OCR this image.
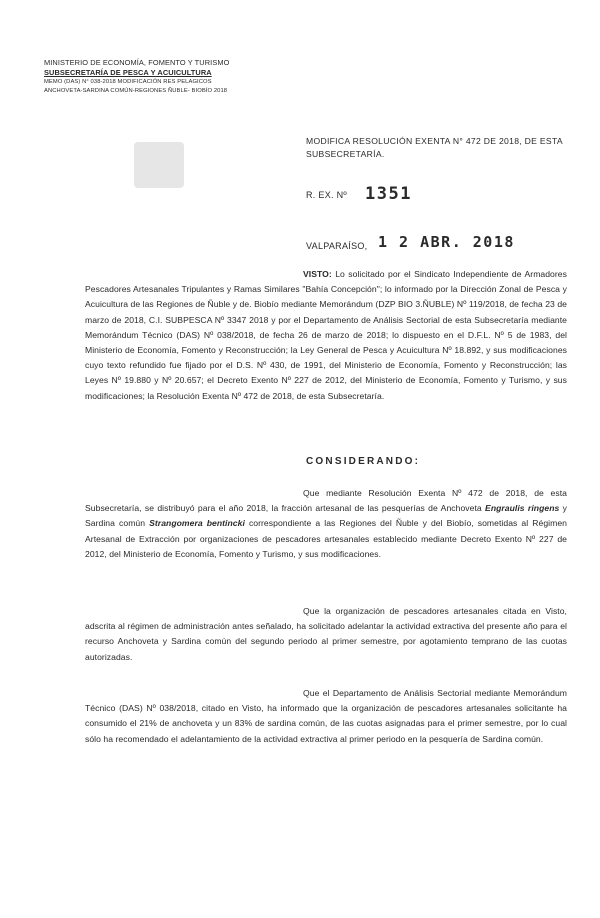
MINISTERIO DE ECONOMÍA, FOMENTO Y TURISMO
SUBSECRETARÍA DE PESCA Y ACUICULTURA
MEMO (DAS) N° 038-2018 MODIFICACIÓN RES PELAGICOS
ANCHOVETA-SARDINA COMÚN-REGIONES ÑUBLE- BIOBÍO 2018
MODIFICA RESOLUCIÓN EXENTA N° 472 DE 2018, DE ESTA SUBSECRETARÍA.
R. EX. Nº 1351
VALPARAÍSO, 1 2 ABR. 2018
VISTO: Lo solicitado por el Sindicato Independiente de Armadores Pescadores Artesanales Tripulantes y Ramas Similares "Bahía Concepción"; lo informado por la Dirección Zonal de Pesca y Acuicultura de las Regiones de Ñuble y de. Biobío mediante Memorándum (DZP BIO 3.ÑUBLE) Nº 119/2018, de fecha 23 de marzo de 2018, C.I. SUBPESCA Nº 3347 2018 y por el Departamento de Análisis Sectorial de esta Subsecretaría mediante Memorándum Técnico (DAS) Nº 038/2018, de fecha 26 de marzo de 2018; lo dispuesto en el D.F.L. Nº 5 de 1983, del Ministerio de Economía, Fomento y Reconstrucción; la Ley General de Pesca y Acuicultura Nº 18.892, y sus modificaciones cuyo texto refundido fue fijado por el D.S. Nº 430, de 1991, del Ministerio de Economía, Fomento y Reconstrucción; las Leyes Nº 19.880 y Nº 20.657; el Decreto Exento Nº 227 de 2012, del Ministerio de Economía, Fomento y Turismo, y sus modificaciones; la Resolución Exenta Nº 472 de 2018, de esta Subsecretaría.
CONSIDERANDO:
Que mediante Resolución Exenta Nº 472 de 2018, de esta Subsecretaría, se distribuyó para el año 2018, la fracción artesanal de las pesquerías de Anchoveta Engraulis ringens y Sardina común Strangomera bentincki correspondiente a las Regiones del Ñuble y del Biobío, sometidas al Régimen Artesanal de Extracción por organizaciones de pescadores artesanales establecido mediante Decreto Exento Nº 227 de 2012, del Ministerio de Economía, Fomento y Turismo, y sus modificaciones.
Que la organización de pescadores artesanales citada en Visto, adscrita al régimen de administración antes señalado, ha solicitado adelantar la actividad extractiva del presente año para el recurso Anchoveta y Sardina común del segundo periodo al primer semestre, por agotamiento temprano de las cuotas autorizadas.
Que el Departamento de Análisis Sectorial mediante Memorándum Técnico (DAS) Nº 038/2018, citado en Visto, ha informado que la organización de pescadores artesanales solicitante ha consumido el 21% de anchoveta y un 83% de sardina común, de las cuotas asignadas para el primer semestre, por lo cual sólo ha recomendado el adelantamiento de la actividad extractiva al primer periodo en la pesquería de Sardina común.
